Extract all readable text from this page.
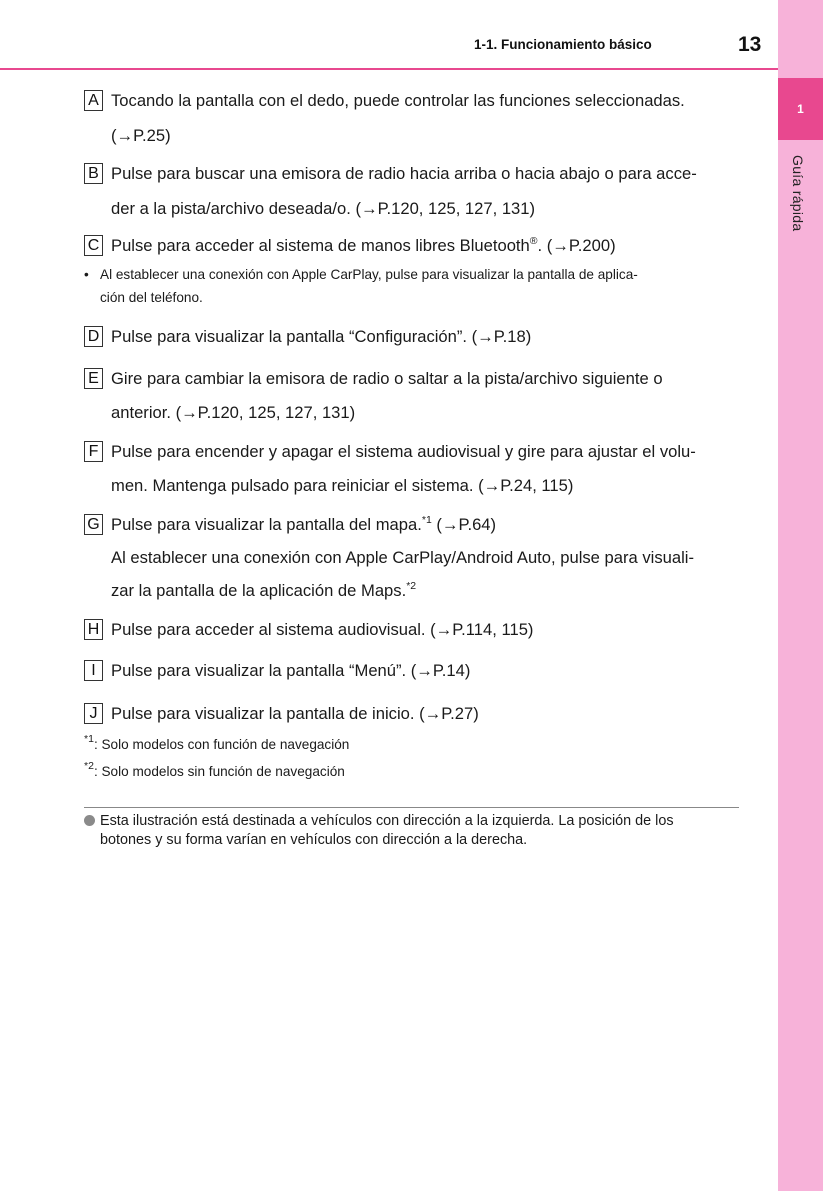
1
Guía rápida
1-1. Funcionamiento básico	13
A Tocando la pantalla con el dedo, puede controlar las funciones seleccionadas.
(→P.25)
B Pulse para buscar una emisora de radio hacia arriba o hacia abajo o para acce-
der a la pista/archivo deseada/o. (→P.120, 125, 127, 131)
C Pulse para acceder al sistema de manos libres Bluetooth®. (→P.200)
• Al establecer una conexión con Apple CarPlay, pulse para visualizar la pantalla de aplica-
ción del teléfono.
D Pulse para visualizar la pantalla “Configuración”. (→P.18)
E Gire para cambiar la emisora de radio o saltar a la pista/archivo siguiente o
anterior. (→P.120, 125, 127, 131)
F Pulse para encender y apagar el sistema audiovisual y gire para ajustar el volu-
men. Mantenga pulsado para reiniciar el sistema. (→P.24, 115)
G Pulse para visualizar la pantalla del mapa.$^{*1}$ (→P.64)
Al establecer una conexión con Apple CarPlay/Android Auto, pulse para visuali-
zar la pantalla de la aplicación de Maps.$^{*2}$
H Pulse para acceder al sistema audiovisual. (→P.114, 115)
I Pulse para visualizar la pantalla “Menú”. (→P.14)
J Pulse para visualizar la pantalla de inicio. (→P.27)
$^{*1}$: Solo modelos con función de navegación
$^{*2}$: Solo modelos sin función de navegación
Esta ilustración está destinada a vehículos con dirección a la izquierda. La posición de los
botones y su forma varían en vehículos con dirección a la derecha.
